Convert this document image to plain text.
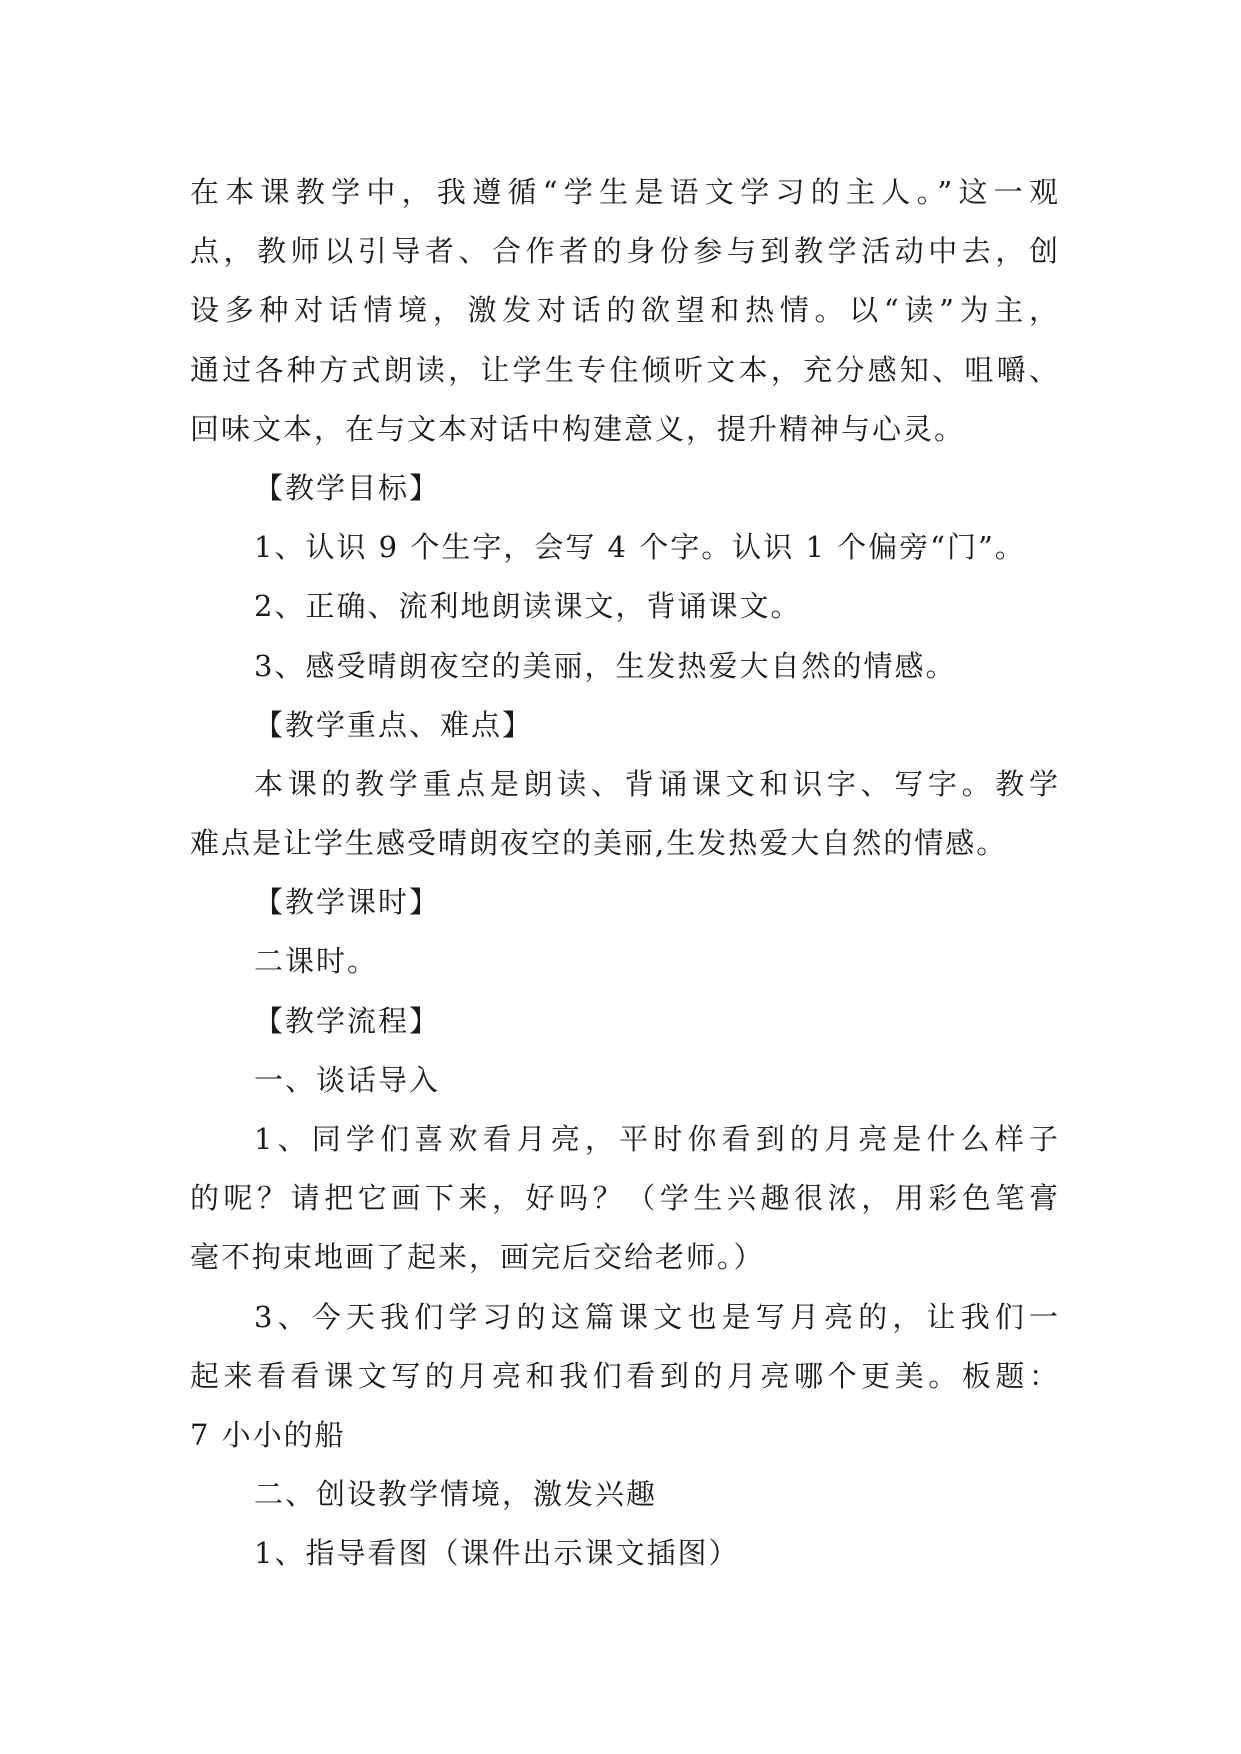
在本课教学中，我遵循“学生是语文学习的主人。”这一观
点，教师以引导者、合作者的身份参与到教学活动中去，创
设多种对话情境，激发对话的欲望和热情。以“读”为主，
通过各种方式朗读，让学生专住倾听文本，充分感知、咀嚼、
回味文本，在与文本对话中构建意义，提升精神与心灵。
【教学目标】
1、认识 9 个生字，会写 4 个字。认识 1 个偏旁“门”。
2、正确、流利地朗读课文，背诵课文。
3、感受晴朗夜空的美丽，生发热爱大自然的情感。
【教学重点、难点】
本课的教学重点是朗读、背诵课文和识字、写字。教学
难点是让学生感受晴朗夜空的美丽,生发热爱大自然的情感。
【教学课时】
二课时。
【教学流程】
一、谈话导入
1、同学们喜欢看月亮，平时你看到的月亮是什么样子
的呢？请把它画下来，好吗？（学生兴趣很浓，用彩色笔膏
毫不拘束地画了起来，画完后交给老师。）
3、今天我们学习的这篇课文也是写月亮的，让我们一
起来看看课文写的月亮和我们看到的月亮哪个更美。板题：
7 小小的船
二、创设教学情境，激发兴趣
1、指导看图（课件出示课文插图）
